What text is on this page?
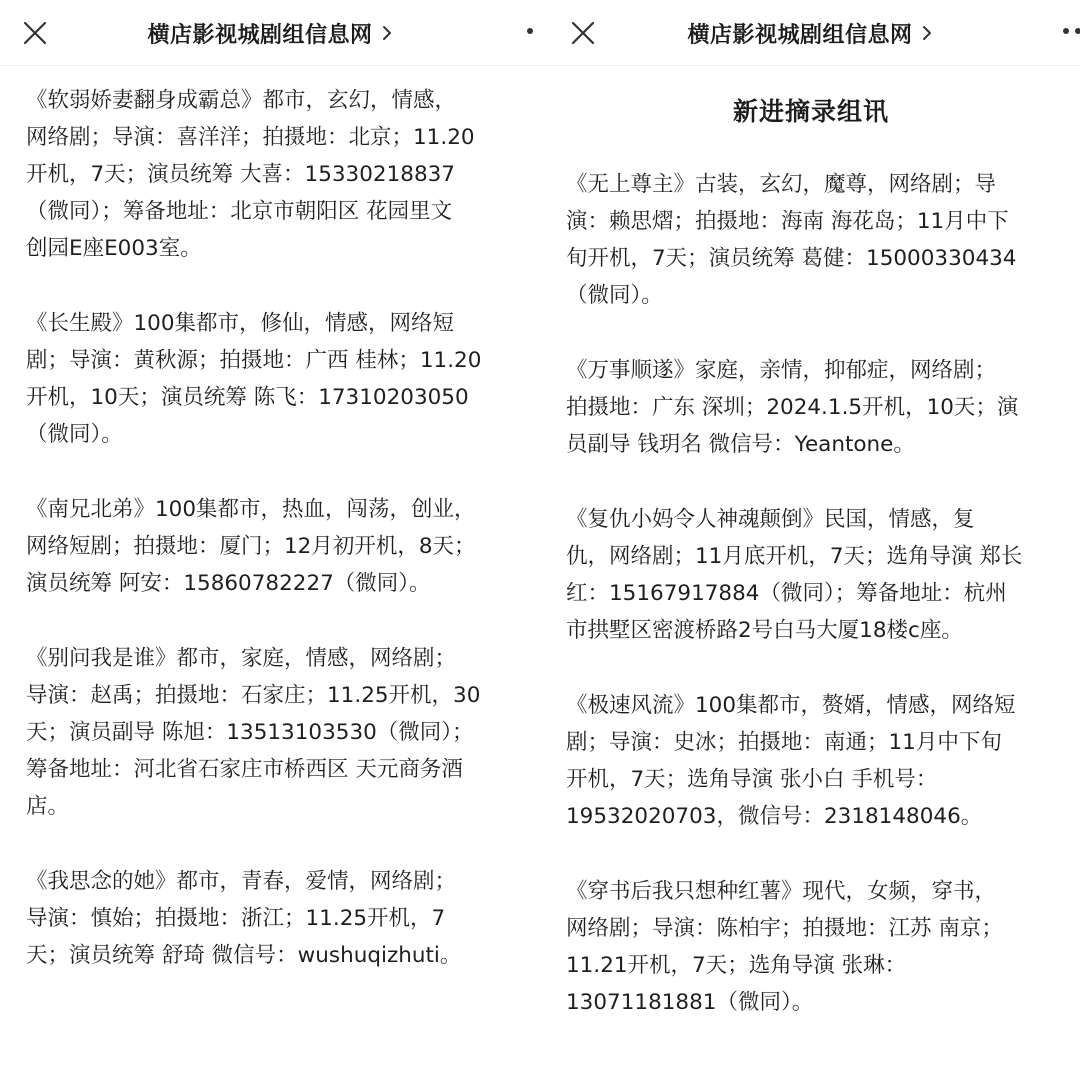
横店影视城剧组信息网
《软弱娇妻翻身成霸总》都市，玄幻，情感，
网络剧；导演：喜洋洋；拍摄地：北京；11.20
开机，7天；演员统筹 大喜：15330218837
（微同）；筹备地址：北京市朝阳区 花园里文
创园E座E003室。
《长生殿》100集都市，修仙，情感，网络短
剧；导演：黄秋源；拍摄地：广西 桂林；11.20
开机，10天；演员统筹 陈飞：17310203050
（微同）。
《南兄北弟》100集都市，热血，闯荡，创业，
网络短剧；拍摄地：厦门；12月初开机，8天；
演员统筹 阿安：15860782227（微同）。
《别问我是谁》都市，家庭，情感，网络剧；
导演：赵禹；拍摄地：石家庄；11.25开机，30
天；演员副导 陈旭：13513103530（微同）；
筹备地址：河北省石家庄市桥西区 天元商务酒
店。
《我思念的她》都市，青春，爱情，网络剧；
导演：慎始；拍摄地：浙江；11.25开机，7
天；演员统筹 舒琦 微信号：wushuqizhuti。
横店影视城剧组信息网
新进摘录组讯
《无上尊主》古装，玄幻，魔尊，网络剧；导
演：赖思熠；拍摄地：海南 海花岛；11月中下
旬开机，7天；演员统筹 葛健：15000330434
（微同）。
《万事顺遂》家庭，亲情，抑郁症，网络剧；
拍摄地：广东 深圳；2024.1.5开机，10天；演
员副导 钱玥名 微信号：Yeantone。
《复仇小妈令人神魂颠倒》民国，情感，复
仇，网络剧；11月底开机，7天；选角导演 郑长
红：15167917884（微同）；筹备地址：杭州
市拱墅区密渡桥路2号白马大厦18楼c座。
《极速风流》100集都市，赘婿，情感，网络短
剧；导演：史冰；拍摄地：南通；11月中下旬
开机，7天；选角导演 张小白 手机号：
19532020703，微信号：2318148046。
《穿书后我只想种红薯》现代，女频，穿书，
网络剧；导演：陈柏宇；拍摄地：江苏 南京；
11.21开机，7天；选角导演 张琳：
13071181881（微同）。
